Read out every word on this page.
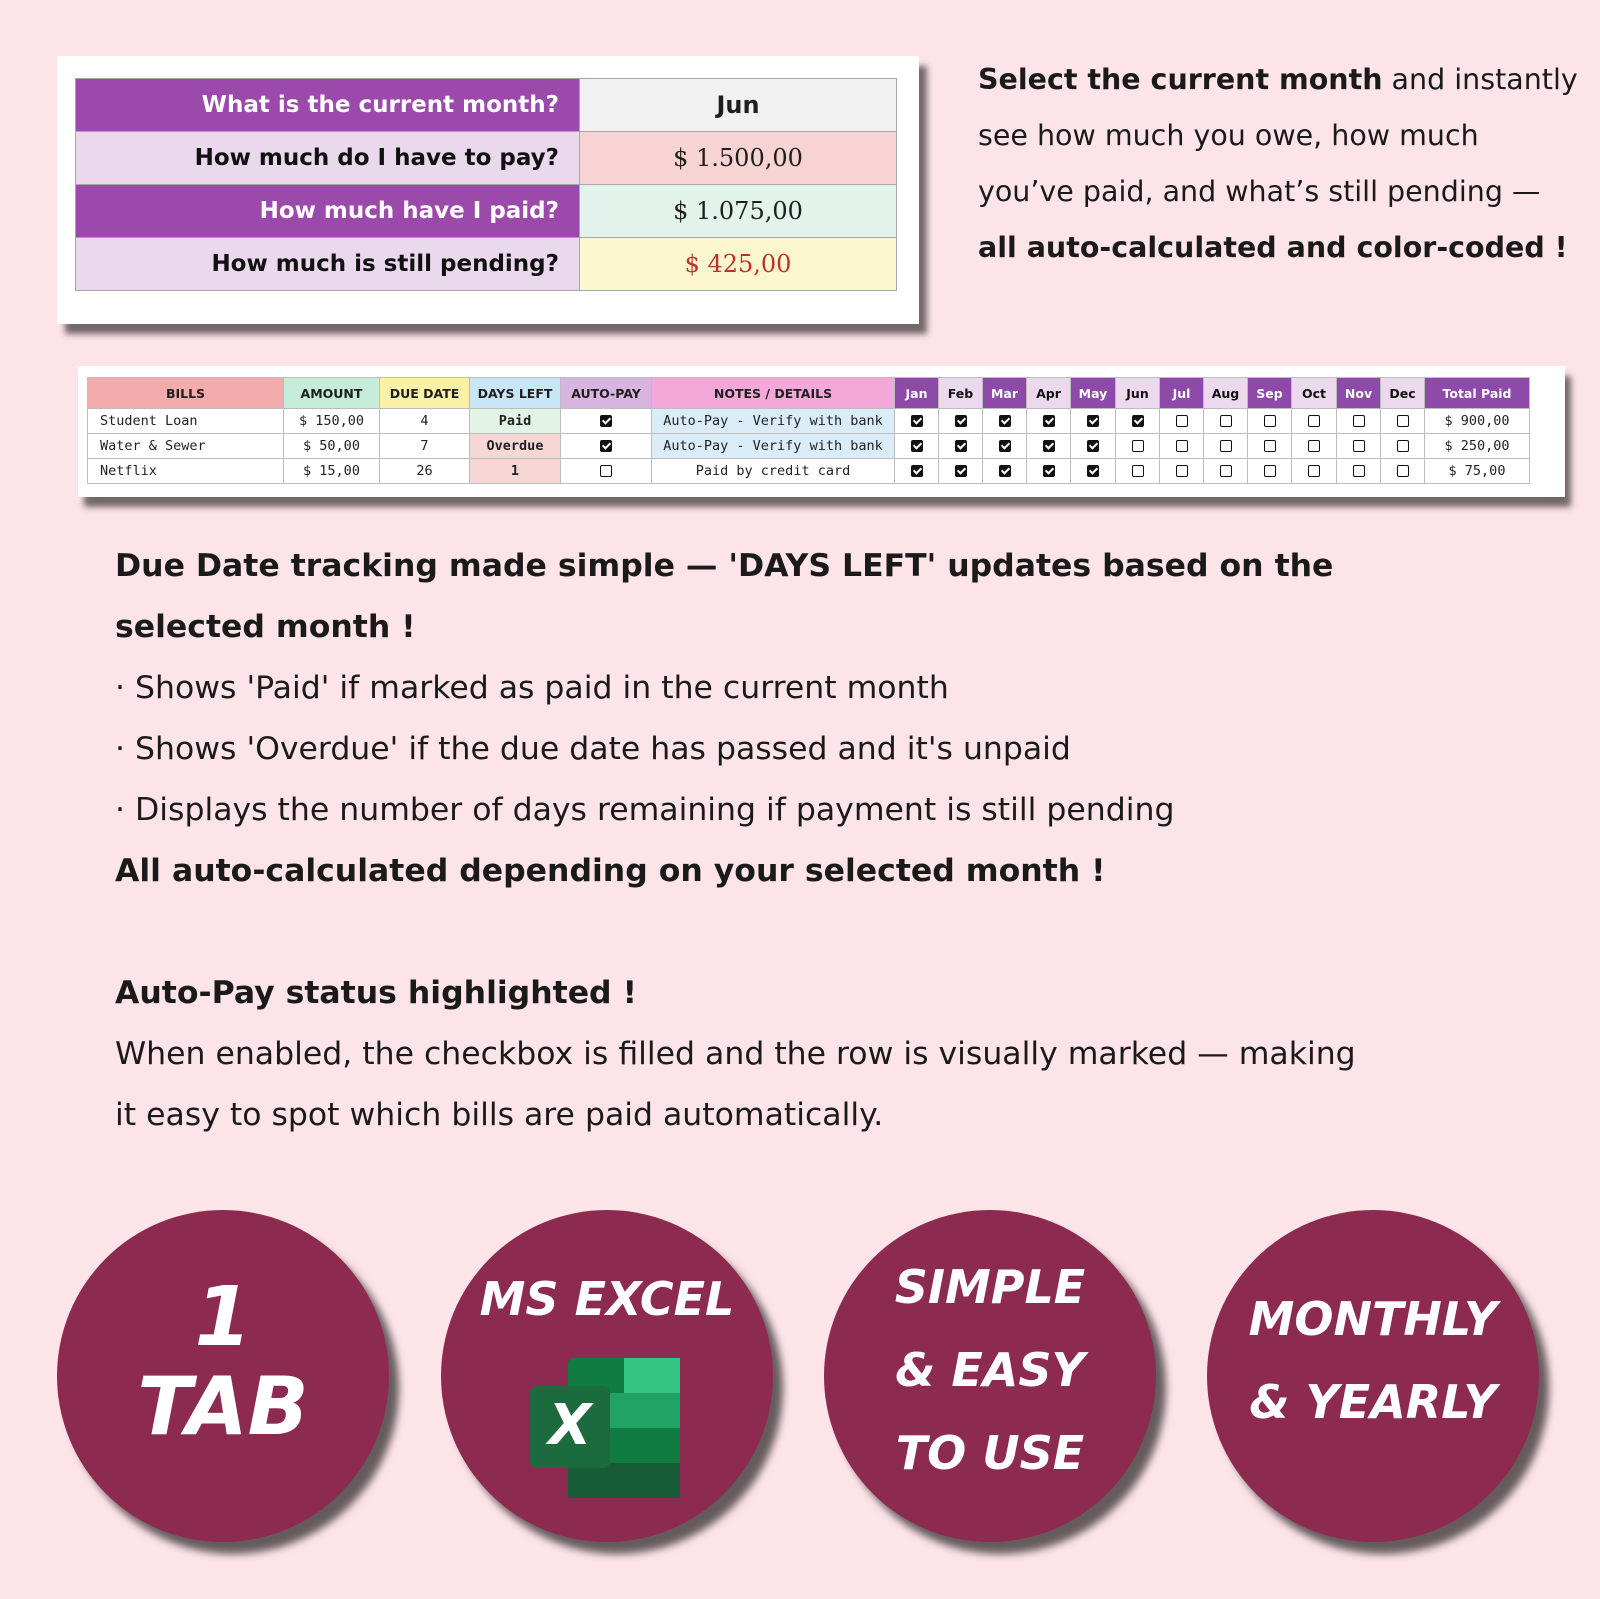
What is the current month?	Jun
How much do I have to pay?	$ 1.500,00
How much have I paid?	$ 1.075,00
How much is still pending?	$ 425,00

Select the current month and instantly see how much you owe, how much you’ve paid, and what’s still pending — all auto-calculated and color-coded !

BILLS	AMOUNT	DUE DATE	DAYS LEFT	AUTO-PAY	NOTES / DETAILS	Jan	Feb	Mar	Apr	May	Jun	Jul	Aug	Sep	Oct	Nov	Dec	Total Paid
Student Loan	$ 150,00	4	Paid		Auto-Pay - Verify with bank													$ 900,00
Water & Sewer	$ 50,00	7	Overdue		Auto-Pay - Verify with bank													$ 250,00
Netflix	$ 15,00	26	1		Paid by credit card													$ 75,00
Due Date tracking made simple — 'DAYS LEFT' updates based on the
selected month !
· Shows 'Paid' if marked as paid in the current month
· Shows 'Overdue' if the due date has passed and it's unpaid
· Displays the number of days remaining if payment is still pending
All auto-calculated depending on your selected month !
Auto-Pay status highlighted !
When enabled, the checkbox is filled and the row is visually marked — making
it easy to spot which bills are paid automatically.
1
TAB
MS EXCEL
X
SIMPLE
& EASY
TO USE
MONTHLY
& YEARLY
